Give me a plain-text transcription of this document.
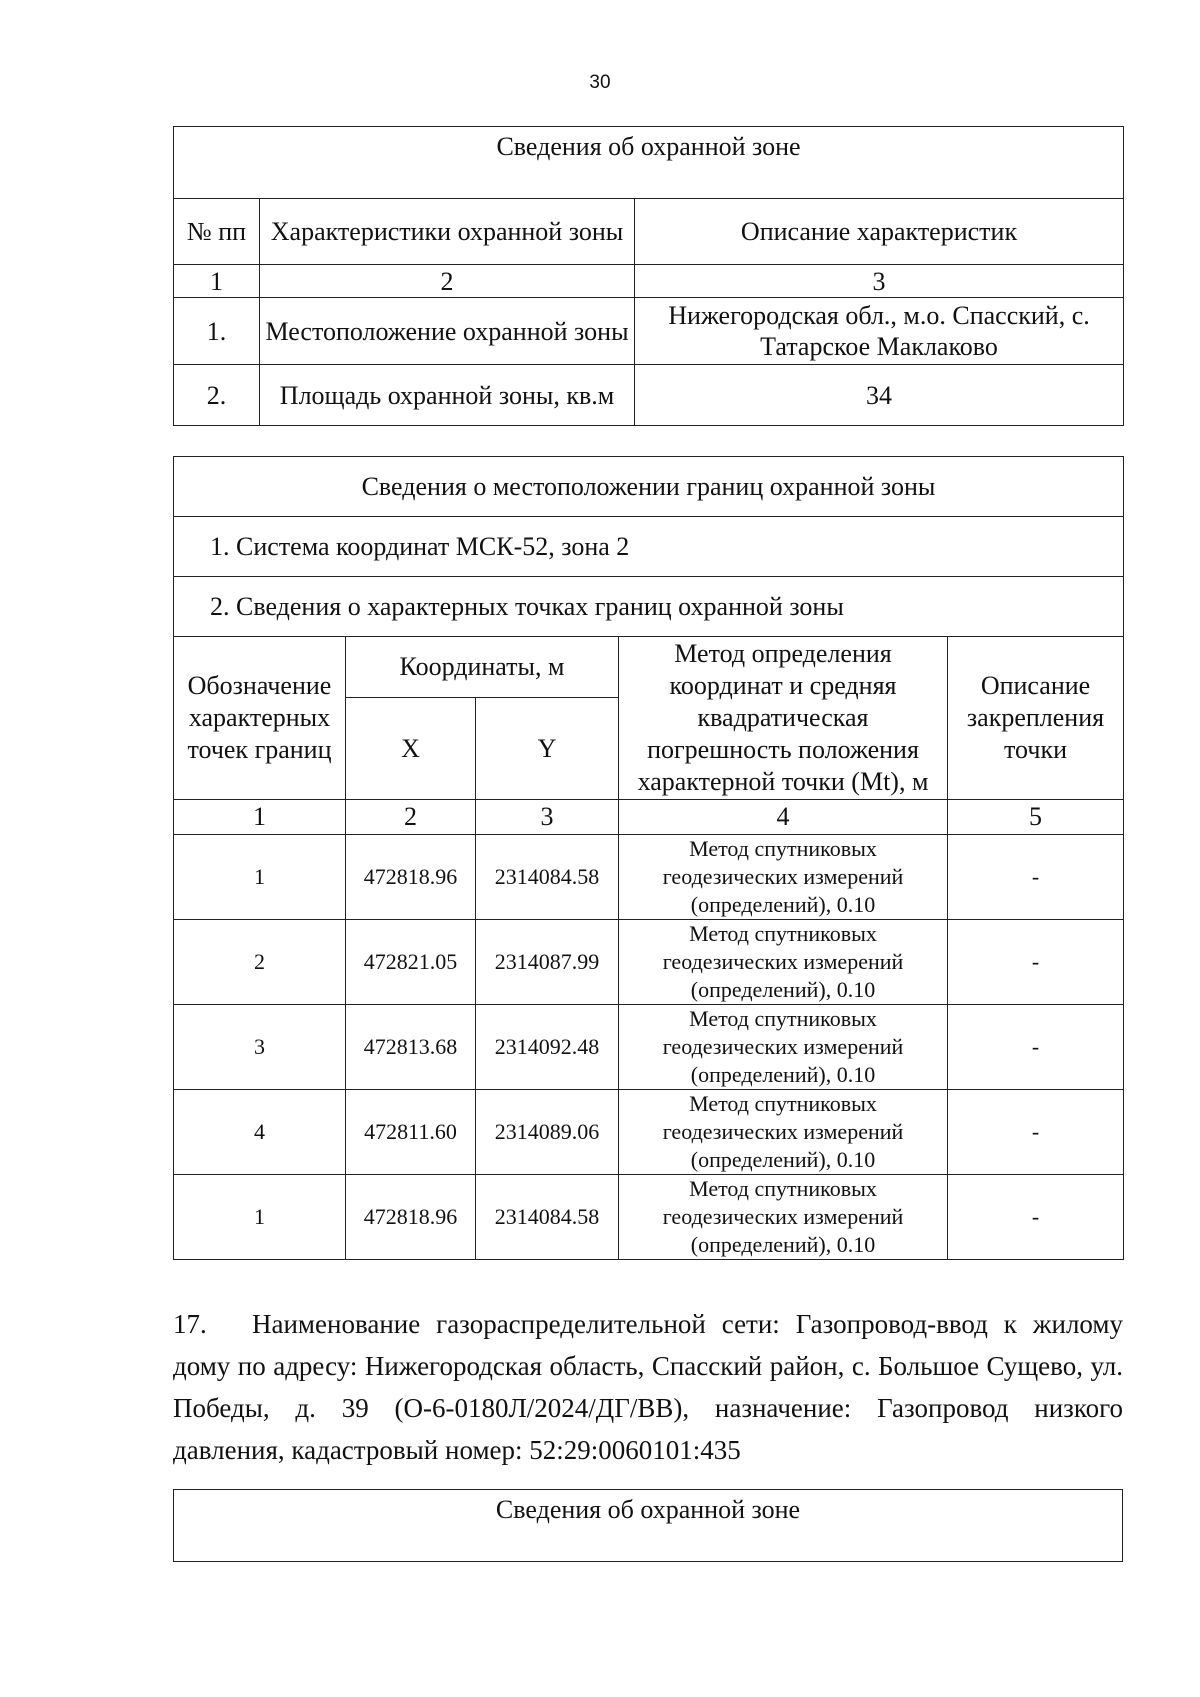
30
Сведения об охранной зоне		
№ пп	Характеристики охранной зоны	Описание характеристик
1	2	3
1.	Местоположение охранной зоны	Нижегородская обл., м.о. Спасский, с. Татарское Маклаково
2.	Площадь охранной зоны, кв.м	34
Сведения о местоположении границ охранной зоны				
1. Система координат МСК-52, зона 2				
2. Сведения о характерных точках границ охранной зоны				
Обозначение характерных точек границ	Координаты, м		Метод определения координат и средняя квадратическая погрешность положения характерной точки (Mt), м	Описание закрепления точки
	X	Y		
1	2	3	4	5
1	472818.96	2314084.58	Метод спутниковых геодезических измерений (определений), 0.10	-
2	472821.05	2314087.99	Метод спутниковых геодезических измерений (определений), 0.10	-
3	472813.68	2314092.48	Метод спутниковых геодезических измерений (определений), 0.10	-
4	472811.60	2314089.06	Метод спутниковых геодезических измерений (определений), 0.10	-
1	472818.96	2314084.58	Метод спутниковых геодезических измерений (определений), 0.10	-
17. Наименование газораспределительной сети: Газопровод-ввод к жилому дому по адресу: Нижегородская область, Спасский район, с. Большое Сущево, ул. Победы, д. 39 (О-6-0180Л/2024/ДГ/ВВ), назначение: Газопровод низкого давления, кадастровый номер: 52:29:0060101:435
Сведения об охранной зоне
